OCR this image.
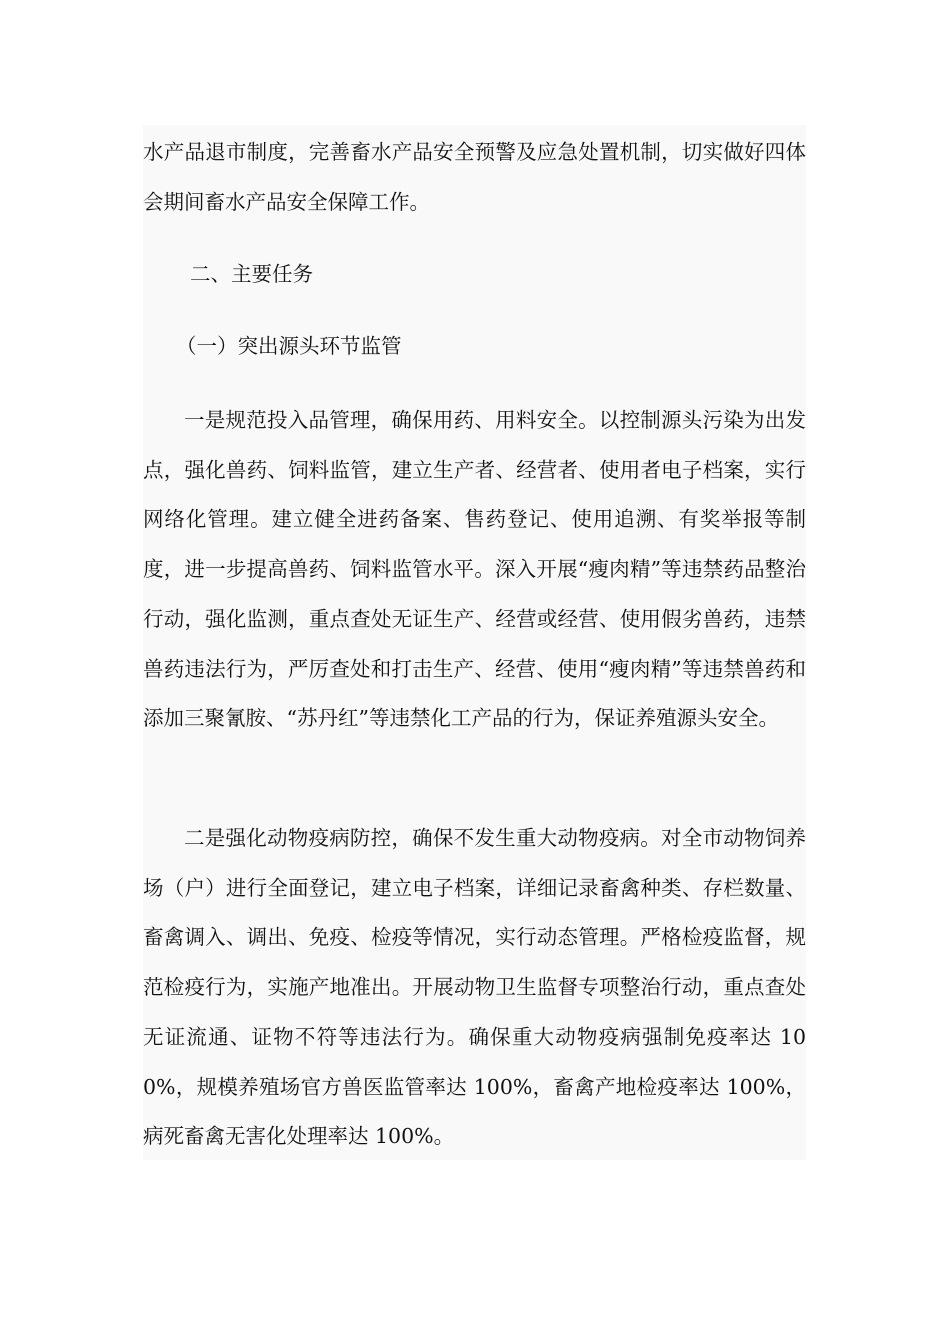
水产品退市制度，完善畜水产品安全预警及应急处置机制，切实做好四体会期间畜水产品安全保障工作。

二、主要任务
（一）突出源头环节监管

一是规范投入品管理，确保用药、用料安全。以控制源头污染为出发点，强化兽药、饲料监管，建立生产者、经营者、使用者电子档案，实行网络化管理。建立健全进药备案、售药登记、使用追溯、有奖举报等制度，进一步提高兽药、饲料监管水平。深入开展“瘦肉精”等违禁药品整治行动，强化监测，重点查处无证生产、经营或经营、使用假劣兽药，违禁兽药违法行为，严厉查处和打击生产、经营、使用“瘦肉精”等违禁兽药和添加三聚氰胺、“苏丹红”等违禁化工产品的行为，保证养殖源头安全。

二是强化动物疫病防控，确保不发生重大动物疫病。对全市动物饲养场（户）进行全面登记，建立电子档案，详细记录畜禽种类、存栏数量、畜禽调入、调出、免疫、检疫等情况，实行动态管理。严格检疫监督，规范检疫行为，实施产地准出。开展动物卫生监督专项整治行动，重点查处无证流通、证物不符等违法行为。确保重大动物疫病强制免疫率达 100%，规模养殖场官方兽医监管率达 100%，畜禽产地检疫率达 100%，病死畜禽无害化处理率达 100%。
